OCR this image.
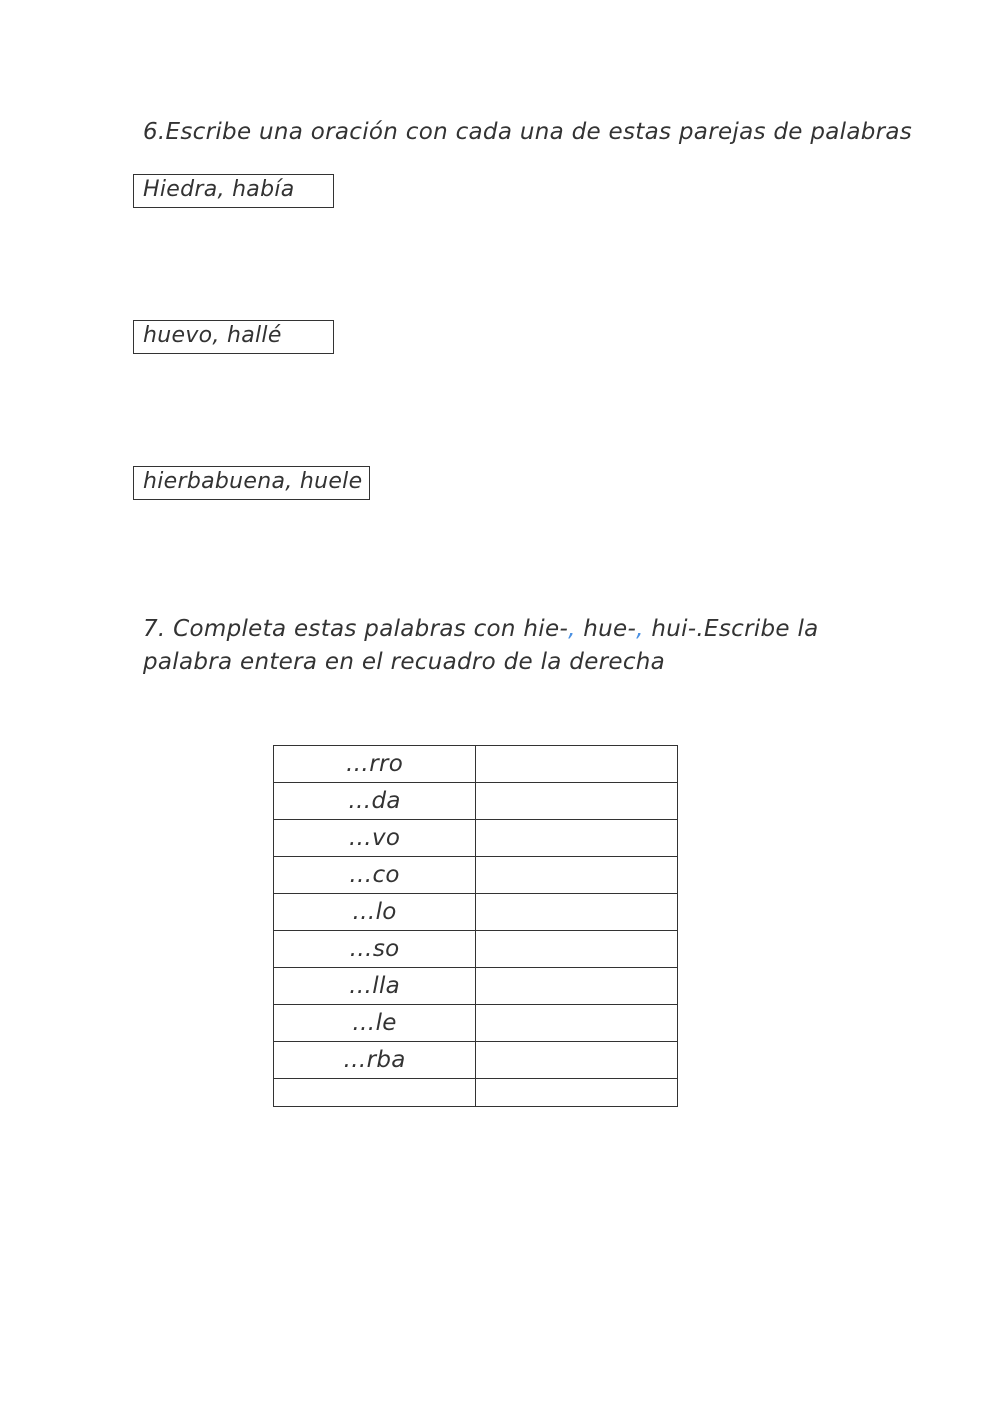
6.Escribe una oración con cada una de estas parejas de palabras
Hiedra, había
huevo, hallé
hierbabuena, huele
7. Completa estas palabras con hie-, hue-, hui-.Escribe la palabra entera en el recuadro de la derecha
…rro	
…da	
…vo	
…co	
…lo	
…so	
…lla	
…le	
…rba	
